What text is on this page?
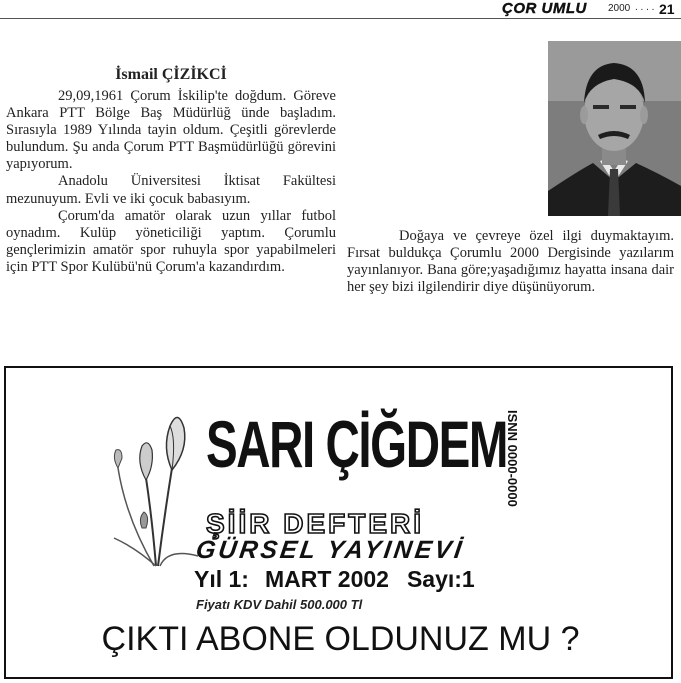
ÇOR UMLU 2000 . . . . 21
İsmail ÇİZİKCİ

29,09,1961 Çorum İskilip'te doğdum. Göreve Ankara PTT Bölge Baş Müdürlüğ ünde başladım. Sırasıyla 1989 Yılında tayin oldum. Çeşitli görevlerde bulundum. Şu anda Çorum PTT Başmüdürlüğü görevini yapıyorum.

Anadolu Üniversitesi İktisat Fakültesi mezunuyum. Evli ve iki çocuk babasıyım.

Çorum'da amatör olarak uzun yıllar futbol oynadım. Kulüp yöneticiliği yaptım. Çorumlu gençlerimizin amatör spor ruhuyla spor yapabilmeleri için PTT Spor Kulübü'nü Çorum'a kazandırdım.

Doğaya ve çevreye özel ilgi duymaktayım. Fırsat buldukça Çorumlu 2000 Dergisinde yazılarım yayınlanıyor. Bana göre;yaşadığımız hayatta insana dair her şey bizi ilgilendirir diye düşünüyorum.

SARI ÇİĞDEM
ISNN 0000-0000
ŞİİR DEFTERİ
GÜRSEL YAYINEVİ
Yıl 1: MART 2002 Sayı:1
Fiyatı KDV Dahil 500.000 Tl
ÇIKTI ABONE OLDUNUZ MU ?
